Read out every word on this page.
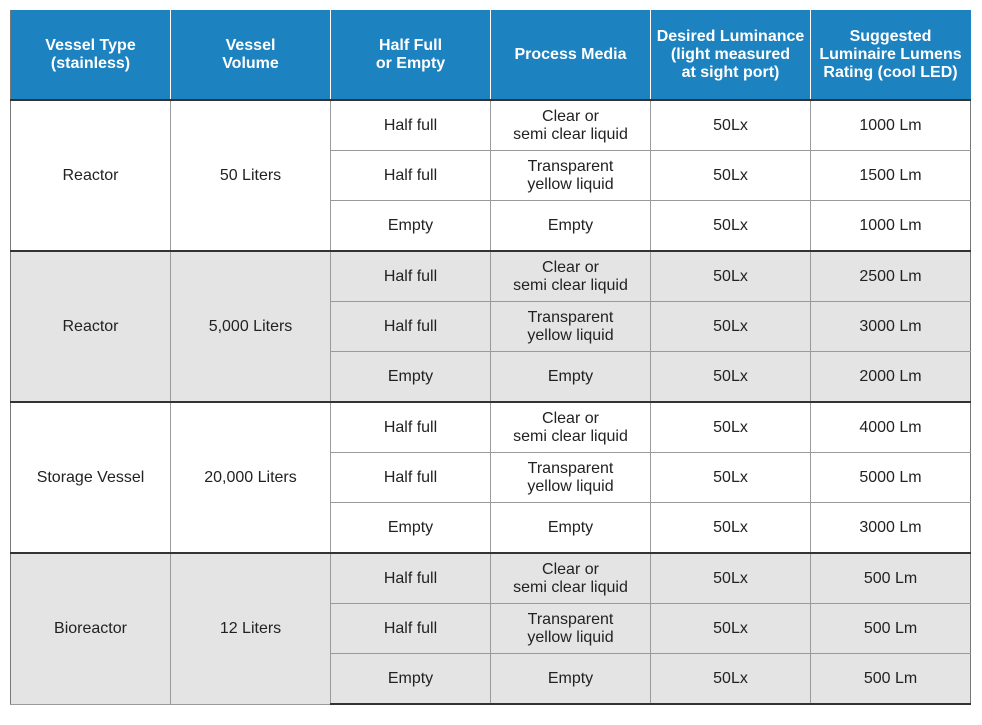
Vessel Type
(stainless)	Vessel
Volume	Half Full
or Empty	Process Media	Desired Luminance
(light measured
at sight port)	Suggested
Luminaire Lumens
Rating (cool LED)
Reactor	50 Liters	Half full	Clear or
semi clear liquid	50Lx	1000 Lm
		Half full	Transparent
yellow liquid	50Lx	1500 Lm
		Empty	Empty	50Lx	1000 Lm
Reactor	5,000 Liters	Half full	Clear or
semi clear liquid	50Lx	2500 Lm
		Half full	Transparent
yellow liquid	50Lx	3000 Lm
		Empty	Empty	50Lx	2000 Lm
Storage Vessel	20,000 Liters	Half full	Clear or
semi clear liquid	50Lx	4000 Lm
		Half full	Transparent
yellow liquid	50Lx	5000 Lm
		Empty	Empty	50Lx	3000 Lm
Bioreactor	12 Liters	Half full	Clear or
semi clear liquid	50Lx	500 Lm
		Half full	Transparent
yellow liquid	50Lx	500 Lm
		Empty	Empty	50Lx	500 Lm
